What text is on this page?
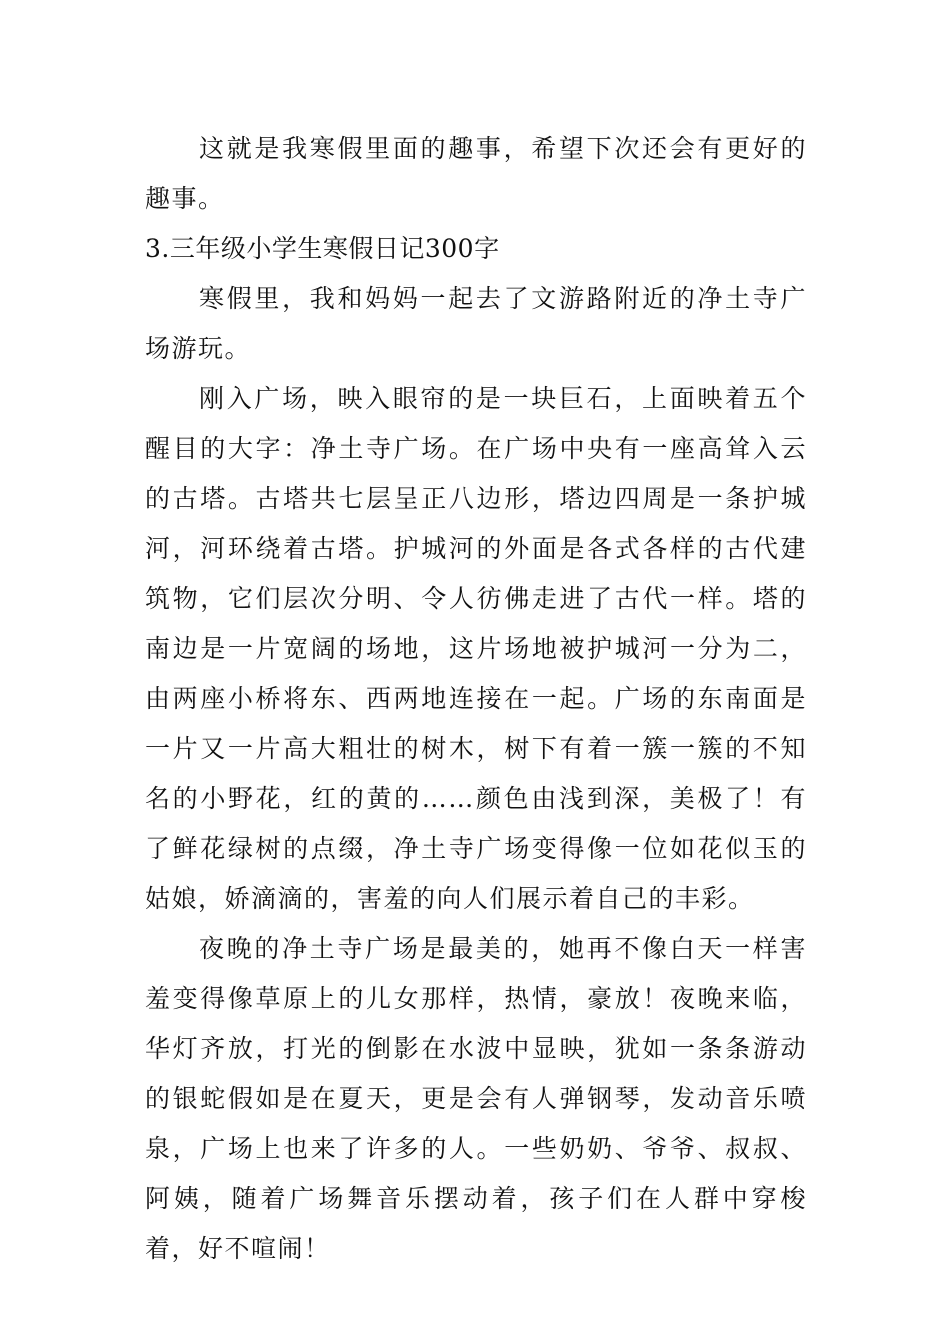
这就是我寒假里面的趣事，希望下次还会有更好的趣事。

3.三年级小学生寒假日记300字

寒假里，我和妈妈一起去了文游路附近的净土寺广场游玩。

刚入广场，映入眼帘的是一块巨石，上面映着五个醒目的大字：净土寺广场。在广场中央有一座高耸入云的古塔。古塔共七层呈正八边形，塔边四周是一条护城河，河环绕着古塔。护城河的外面是各式各样的古代建筑物，它们层次分明、令人彷佛走进了古代一样。塔的南边是一片宽阔的场地，这片场地被护城河一分为二，由两座小桥将东、西两地连接在一起。广场的东南面是一片又一片高大粗壮的树木，树下有着一簇一簇的不知名的小野花，红的黄的……颜色由浅到深，美极了！有了鲜花绿树的点缀，净土寺广场变得像一位如花似玉的姑娘，娇滴滴的，害羞的向人们展示着自己的丰彩。

夜晚的净土寺广场是最美的，她再不像白天一样害羞变得像草原上的儿女那样，热情，豪放！夜晚来临，华灯齐放，打光的倒影在水波中显映，犹如一条条游动的银蛇假如是在夏天，更是会有人弹钢琴，发动音乐喷泉，广场上也来了许多的人。一些奶奶、爷爷、叔叔、阿姨，随着广场舞音乐摆动着，孩子们在人群中穿梭着，好不喧闹！
